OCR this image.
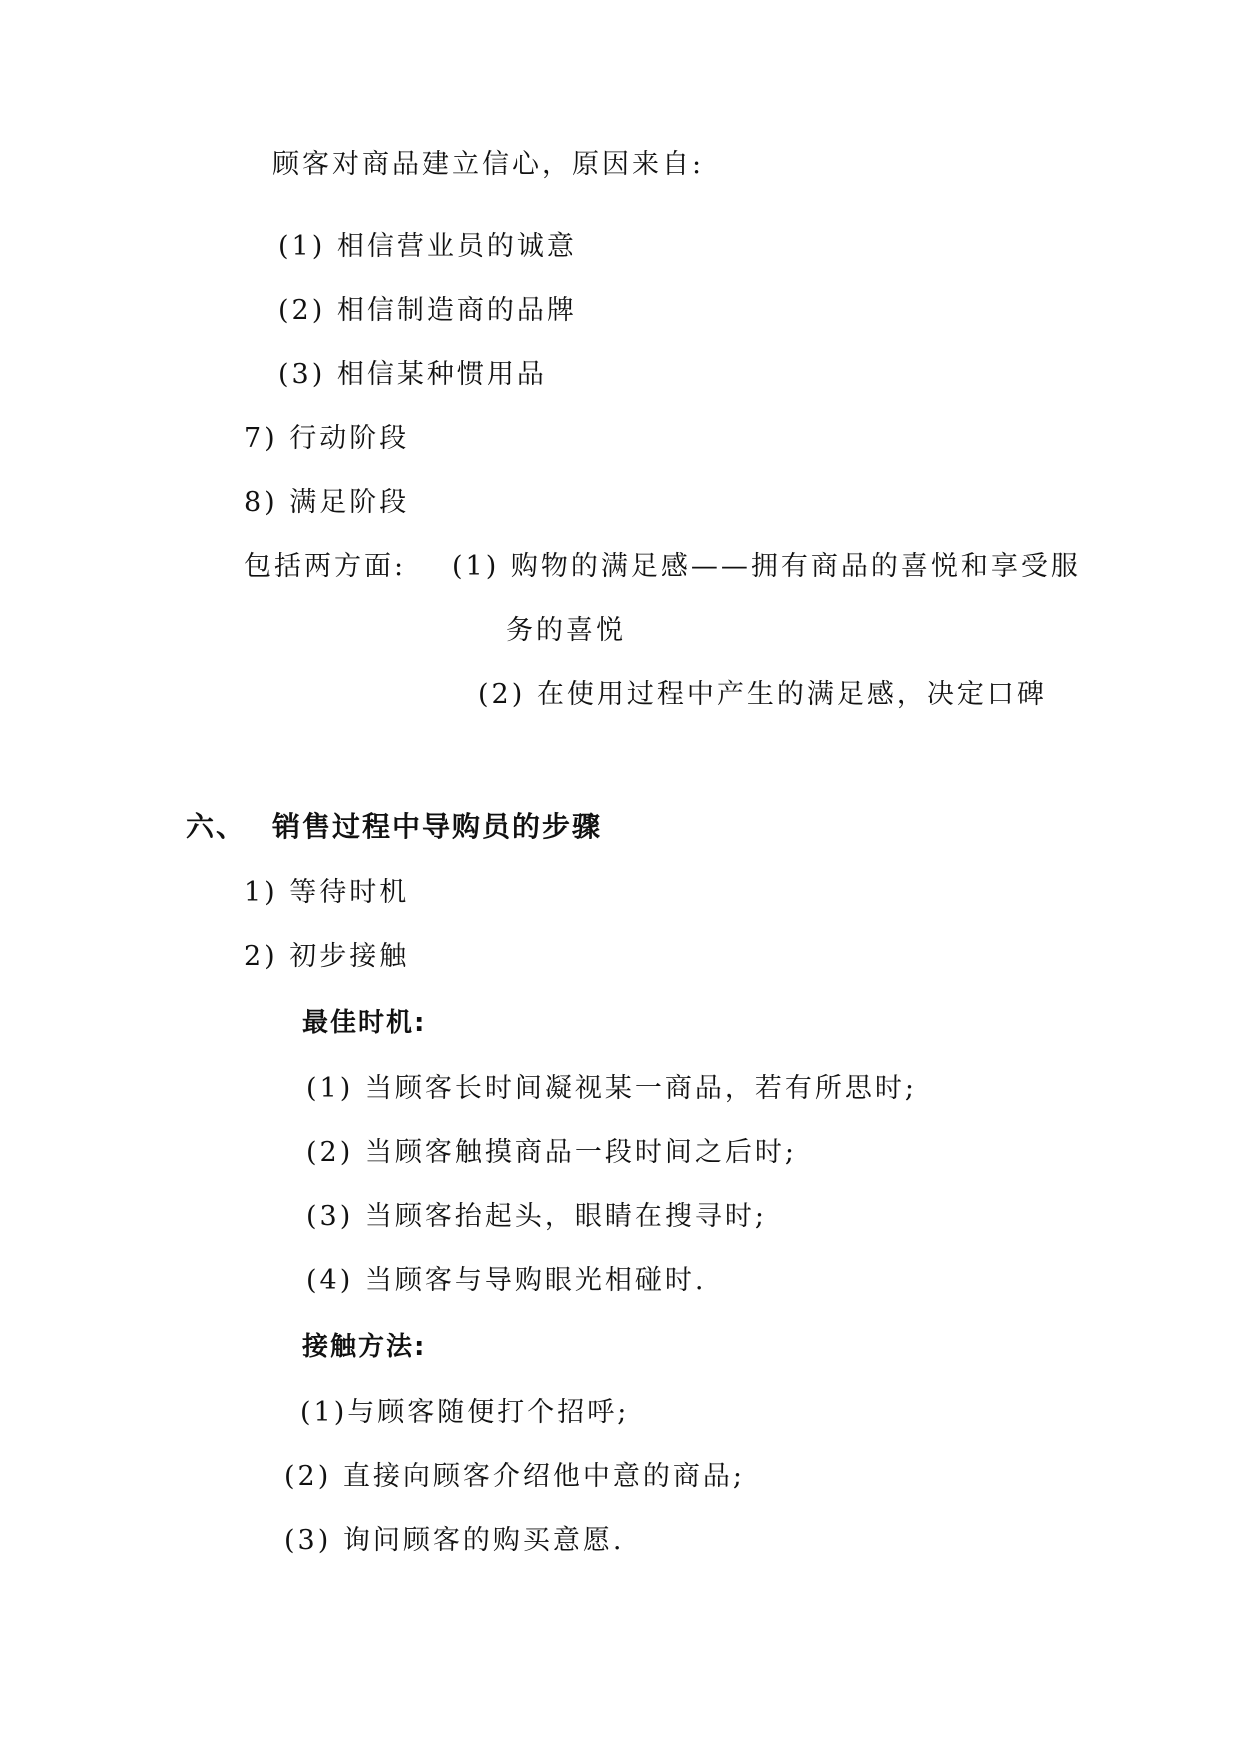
顾客对商品建立信心，原因来自:
(1) 相信营业员的诚意
(2) 相信制造商的品牌
(3) 相信某种惯用品
7) 行动阶段
8) 满足阶段
包括两方面: (1) 购物的满足感——拥有商品的喜悦和享受服
务的喜悦
(2) 在使用过程中产生的满足感，决定口碑
六、 销售过程中导购员的步骤
1) 等待时机
2) 初步接触
最佳时机:
(1) 当顾客长时间凝视某一商品，若有所思时;
(2) 当顾客触摸商品一段时间之后时;
(3) 当顾客抬起头，眼睛在搜寻时;
(4) 当顾客与导购眼光相碰时.
接触方法:
(1)与顾客随便打个招呼;
(2) 直接向顾客介绍他中意的商品;
(3) 询问顾客的购买意愿.
